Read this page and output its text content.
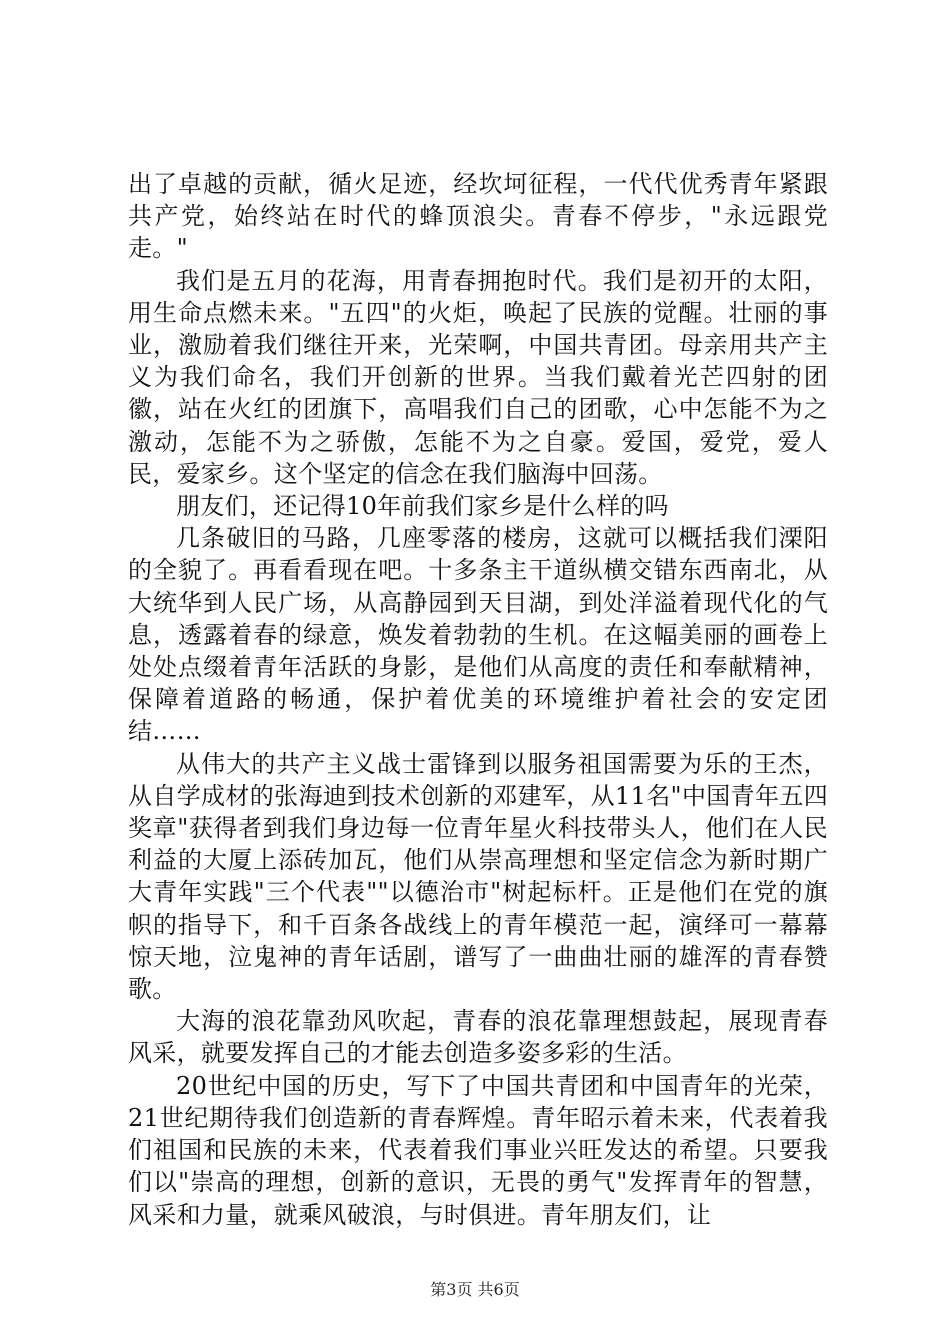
出了卓越的贡献，循火足迹，经坎坷征程，一代代优秀青年紧跟共产党，始终站在时代的蜂顶浪尖。青春不停步，"永远跟党走。"

我们是五月的花海，用青春拥抱时代。我们是初开的太阳，用生命点燃未来。"五四"的火炬，唤起了民族的觉醒。壮丽的事业，激励着我们继往开来，光荣啊，中国共青团。母亲用共产主义为我们命名，我们开创新的世界。当我们戴着光芒四射的团徽，站在火红的团旗下，高唱我们自己的团歌，心中怎能不为之激动，怎能不为之骄傲，怎能不为之自豪。爱国，爱党，爱人民，爱家乡。这个坚定的信念在我们脑海中回荡。

朋友们，还记得10年前我们家乡是什么样的吗

几条破旧的马路，几座零落的楼房，这就可以概括我们溧阳的全貌了。再看看现在吧。十多条主干道纵横交错东西南北，从大统华到人民广场，从高静园到天目湖，到处洋溢着现代化的气息，透露着春的绿意，焕发着勃勃的生机。在这幅美丽的画卷上处处点缀着青年活跃的身影，是他们从高度的责任和奉献精神，保障着道路的畅通，保护着优美的环境维护着社会的安定团结……

从伟大的共产主义战士雷锋到以服务祖国需要为乐的王杰，从自学成材的张海迪到技术创新的邓建军，从11名"中国青年五四奖章"获得者到我们身边每一位青年星火科技带头人，他们在人民利益的大厦上添砖加瓦，他们从崇高理想和坚定信念为新时期广大青年实践"三个代表""以德治市"树起标杆。正是他们在党的旗帜的指导下，和千百条各战线上的青年模范一起，演绎可一幕幕惊天地，泣鬼神的青年话剧，谱写了一曲曲壮丽的雄浑的青春赞歌。

大海的浪花靠劲风吹起，青春的浪花靠理想鼓起，展现青春风采，就要发挥自己的才能去创造多姿多彩的生活。

20世纪中国的历史，写下了中国共青团和中国青年的光荣，21世纪期待我们创造新的青春辉煌。青年昭示着未来，代表着我们祖国和民族的未来，代表着我们事业兴旺发达的希望。只要我们以"崇高的理想，创新的意识，无畏的勇气"发挥青年的智慧，风采和力量，就乘风破浪，与时俱进。青年朋友们，让

第3页 共6页
